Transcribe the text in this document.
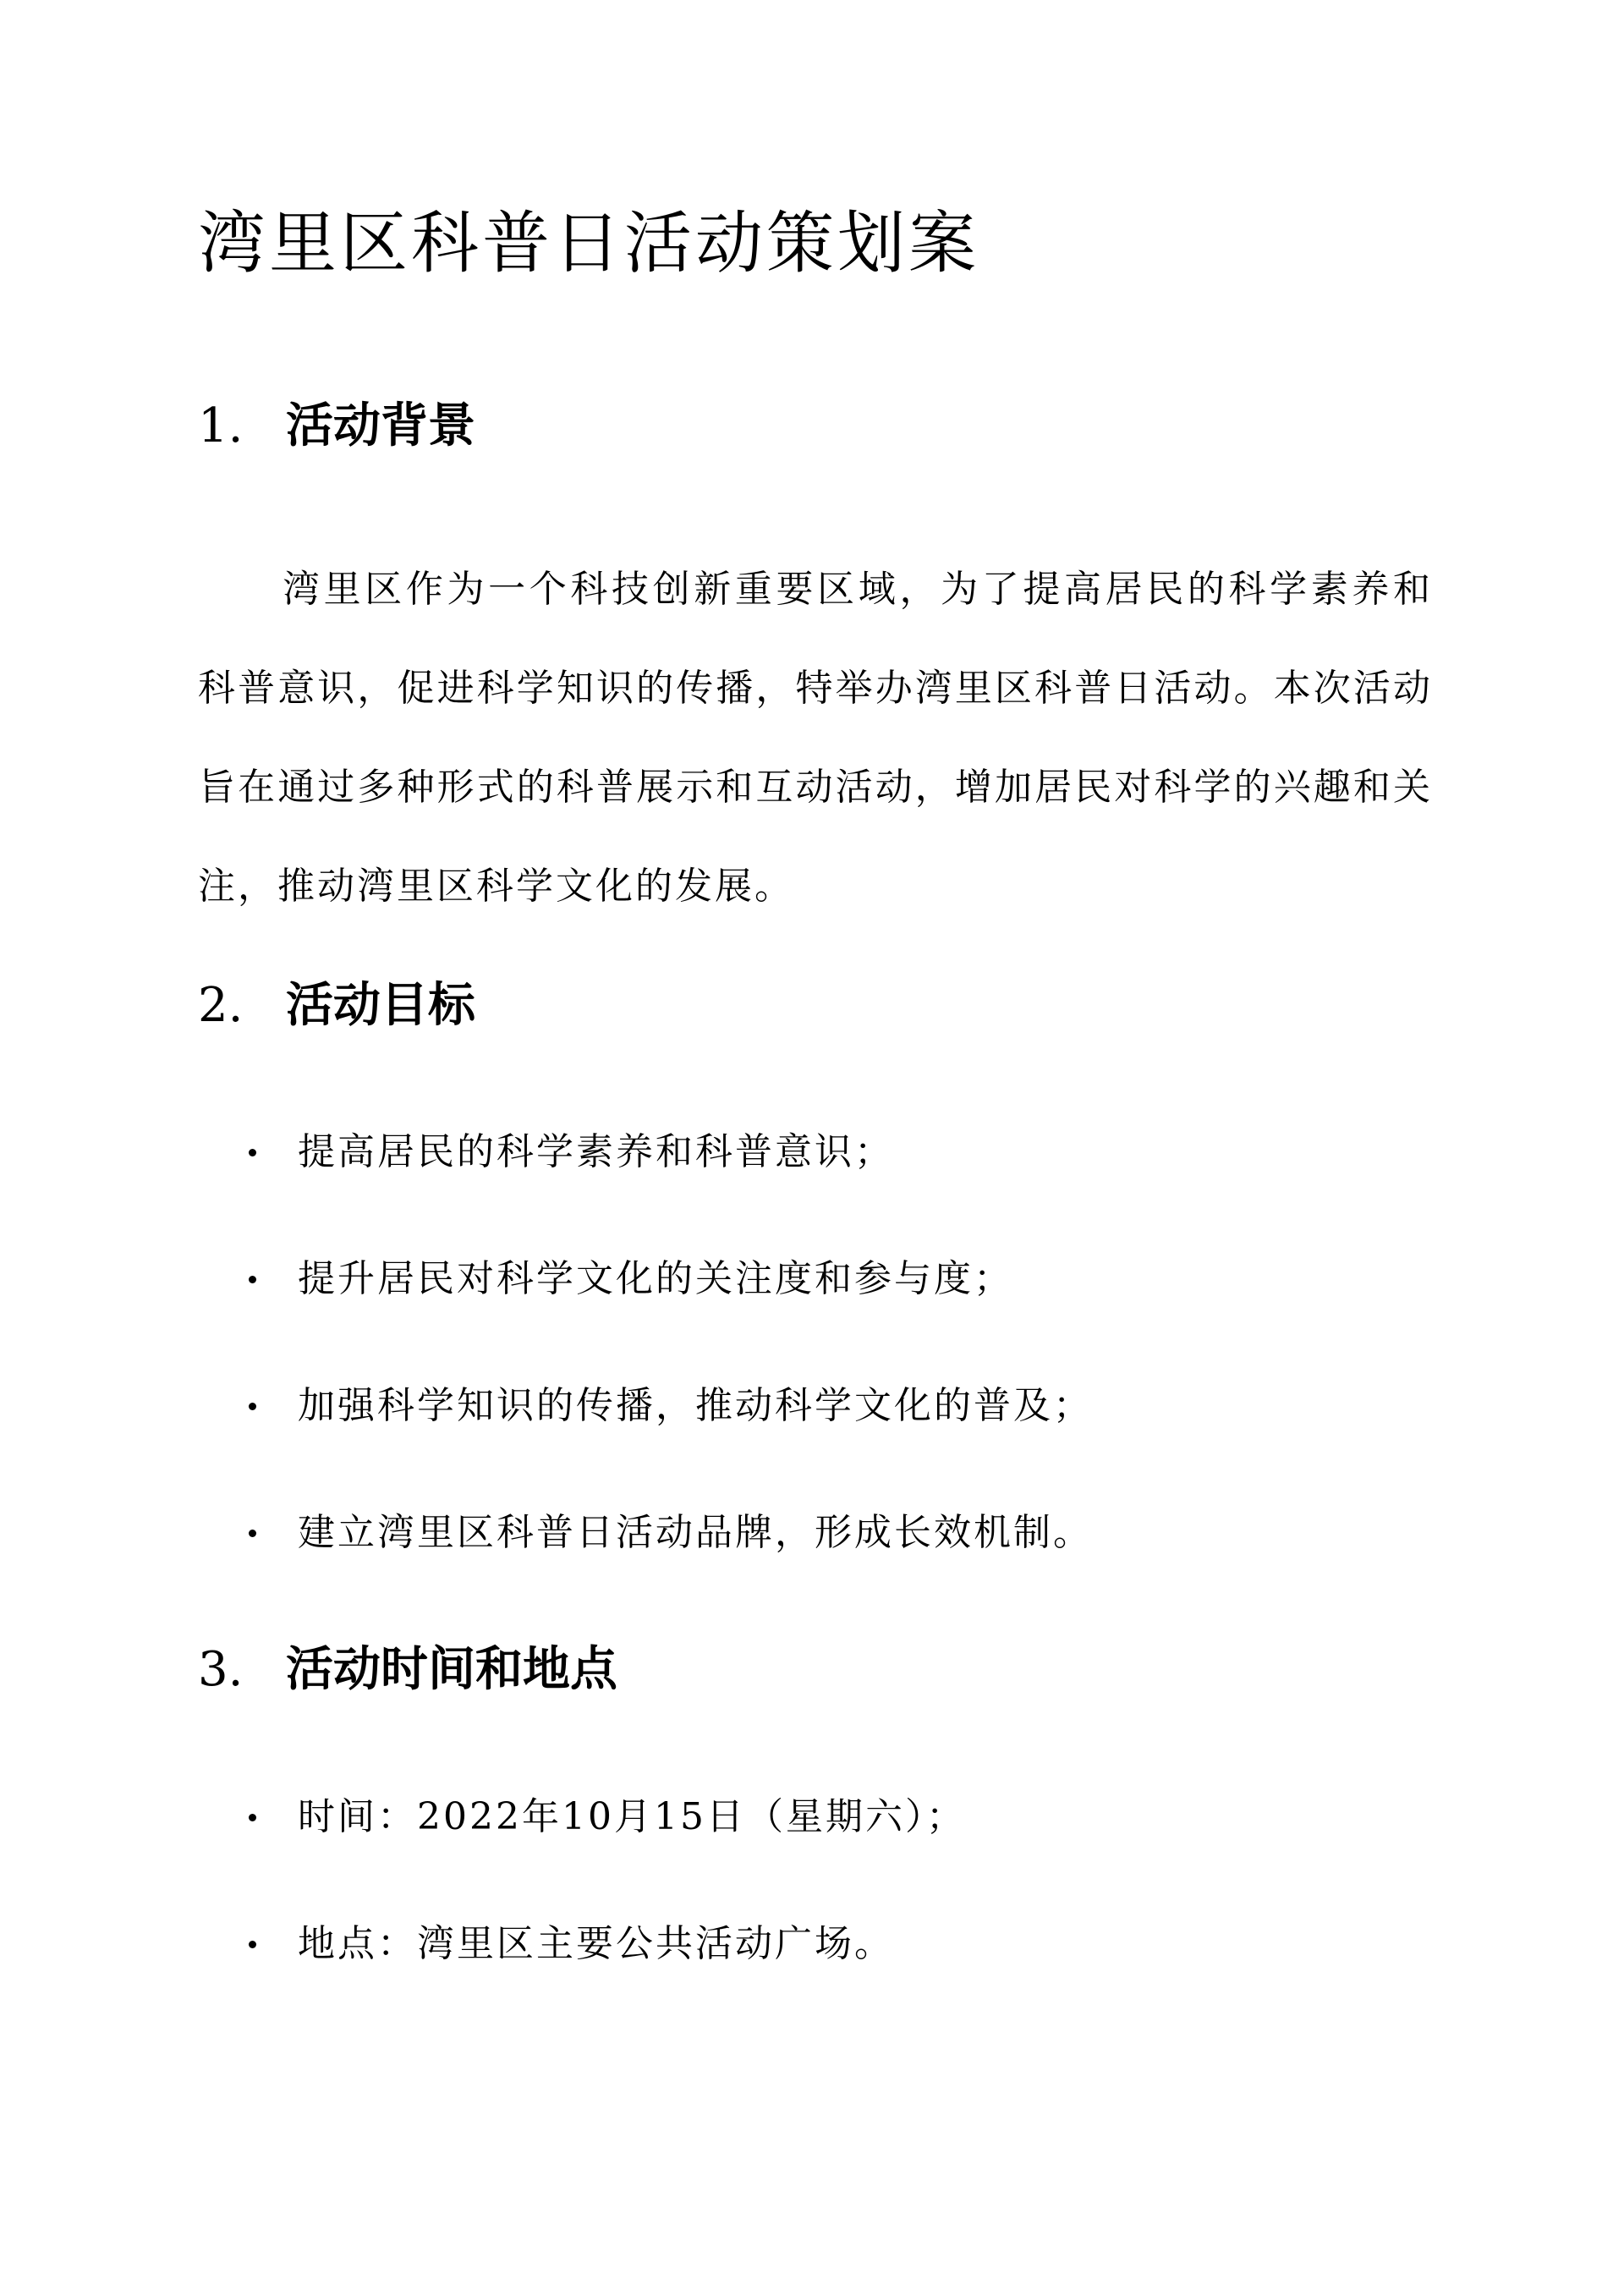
湾里区科普日活动策划案
1. 活动背景

湾里区作为一个科技创新重要区域，为了提高居民的科学素养和科普意识，促进科学知识的传播，特举办湾里区科普日活动。本次活动旨在通过多种形式的科普展示和互动活动，增加居民对科学的兴趣和关注，推动湾里区科学文化的发展。

2. 活动目标
提高居民的科学素养和科普意识；
提升居民对科学文化的关注度和参与度；
加强科学知识的传播，推动科学文化的普及；
建立湾里区科普日活动品牌，形成长效机制。
3. 活动时间和地点
时间：2022年10月15日（星期六）；
地点：湾里区主要公共活动广场。
